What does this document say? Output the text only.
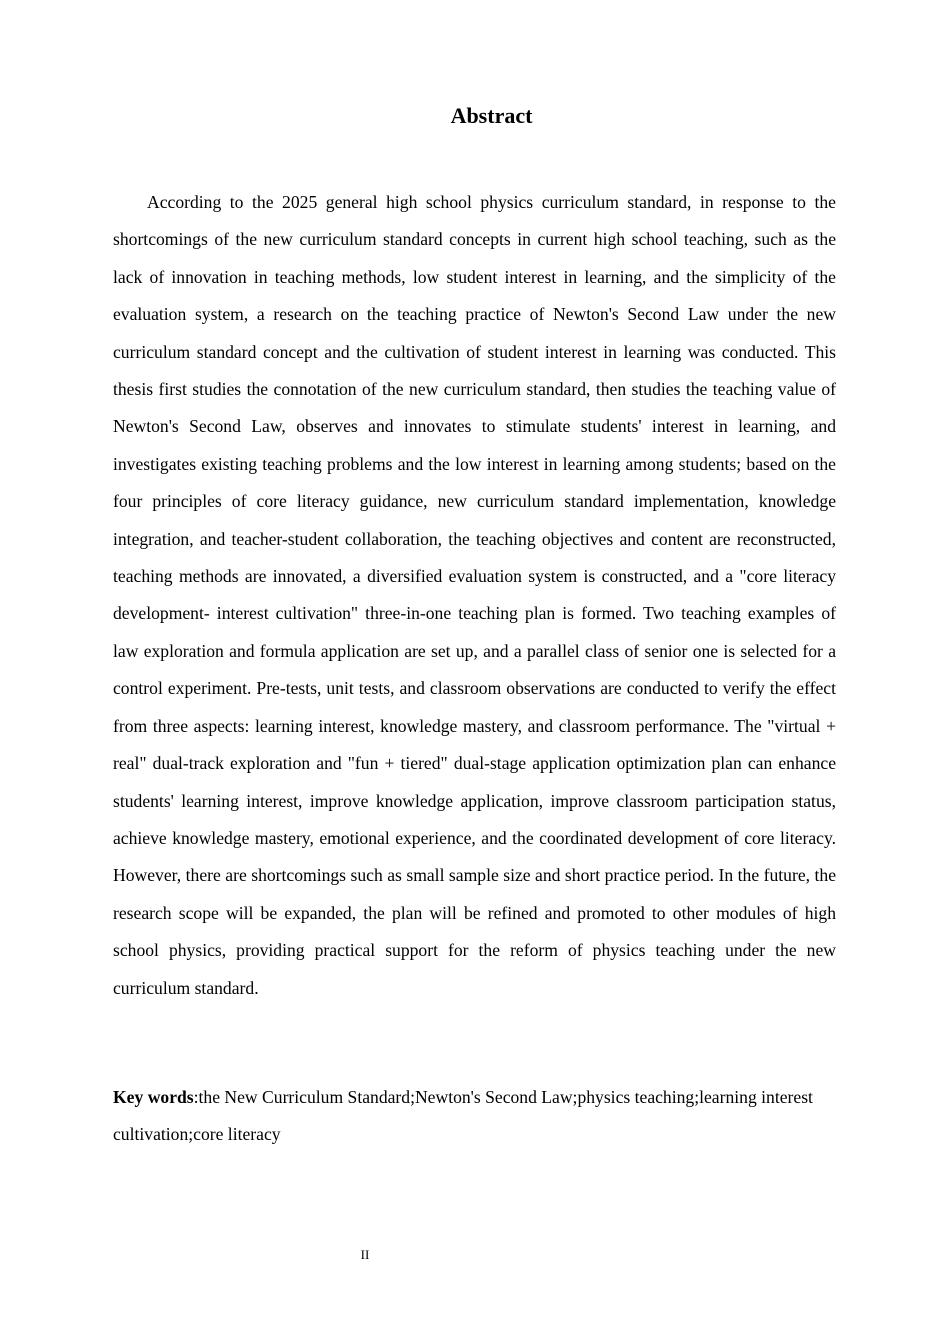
Abstract

According to the 2025 general high school physics curriculum standard, in response to the shortcomings of the new curriculum standard concepts in current high school teaching, such as the lack of innovation in teaching methods, low student interest in learning, and the simplicity of the evaluation system, a research on the teaching practice of Newton's Second Law under the new curriculum standard concept and the cultivation of student interest in learning was conducted. This thesis first studies the connotation of the new curriculum standard, then studies the teaching value of Newton's Second Law, observes and innovates to stimulate students' interest in learning, and investigates existing teaching problems and the low interest in learning among students; based on the four principles of core literacy guidance, new curriculum standard implementation, knowledge integration, and teacher-student collaboration, the teaching objectives and content are reconstructed, teaching methods are innovated, a diversified evaluation system is constructed, and a "core literacy development- interest cultivation" three-in-one teaching plan is formed. Two teaching examples of law exploration and formula application are set up, and a parallel class of senior one is selected for a control experiment. Pre-tests, unit tests, and classroom observations are conducted to verify the effect from three aspects: learning interest, knowledge mastery, and classroom performance. The "virtual + real" dual-track exploration and "fun + tiered" dual-stage application optimization plan can enhance students' learning interest, improve knowledge application, improve classroom participation status, achieve knowledge mastery, emotional experience, and the coordinated development of core literacy. However, there are shortcomings such as small sample size and short practice period. In the future, the research scope will be expanded, the plan will be refined and promoted to other modules of high school physics, providing practical support for the reform of physics teaching under the new curriculum standard.

Key words:the New Curriculum Standard;Newton's Second Law;physics teaching;learning interest cultivation;core literacy

II
